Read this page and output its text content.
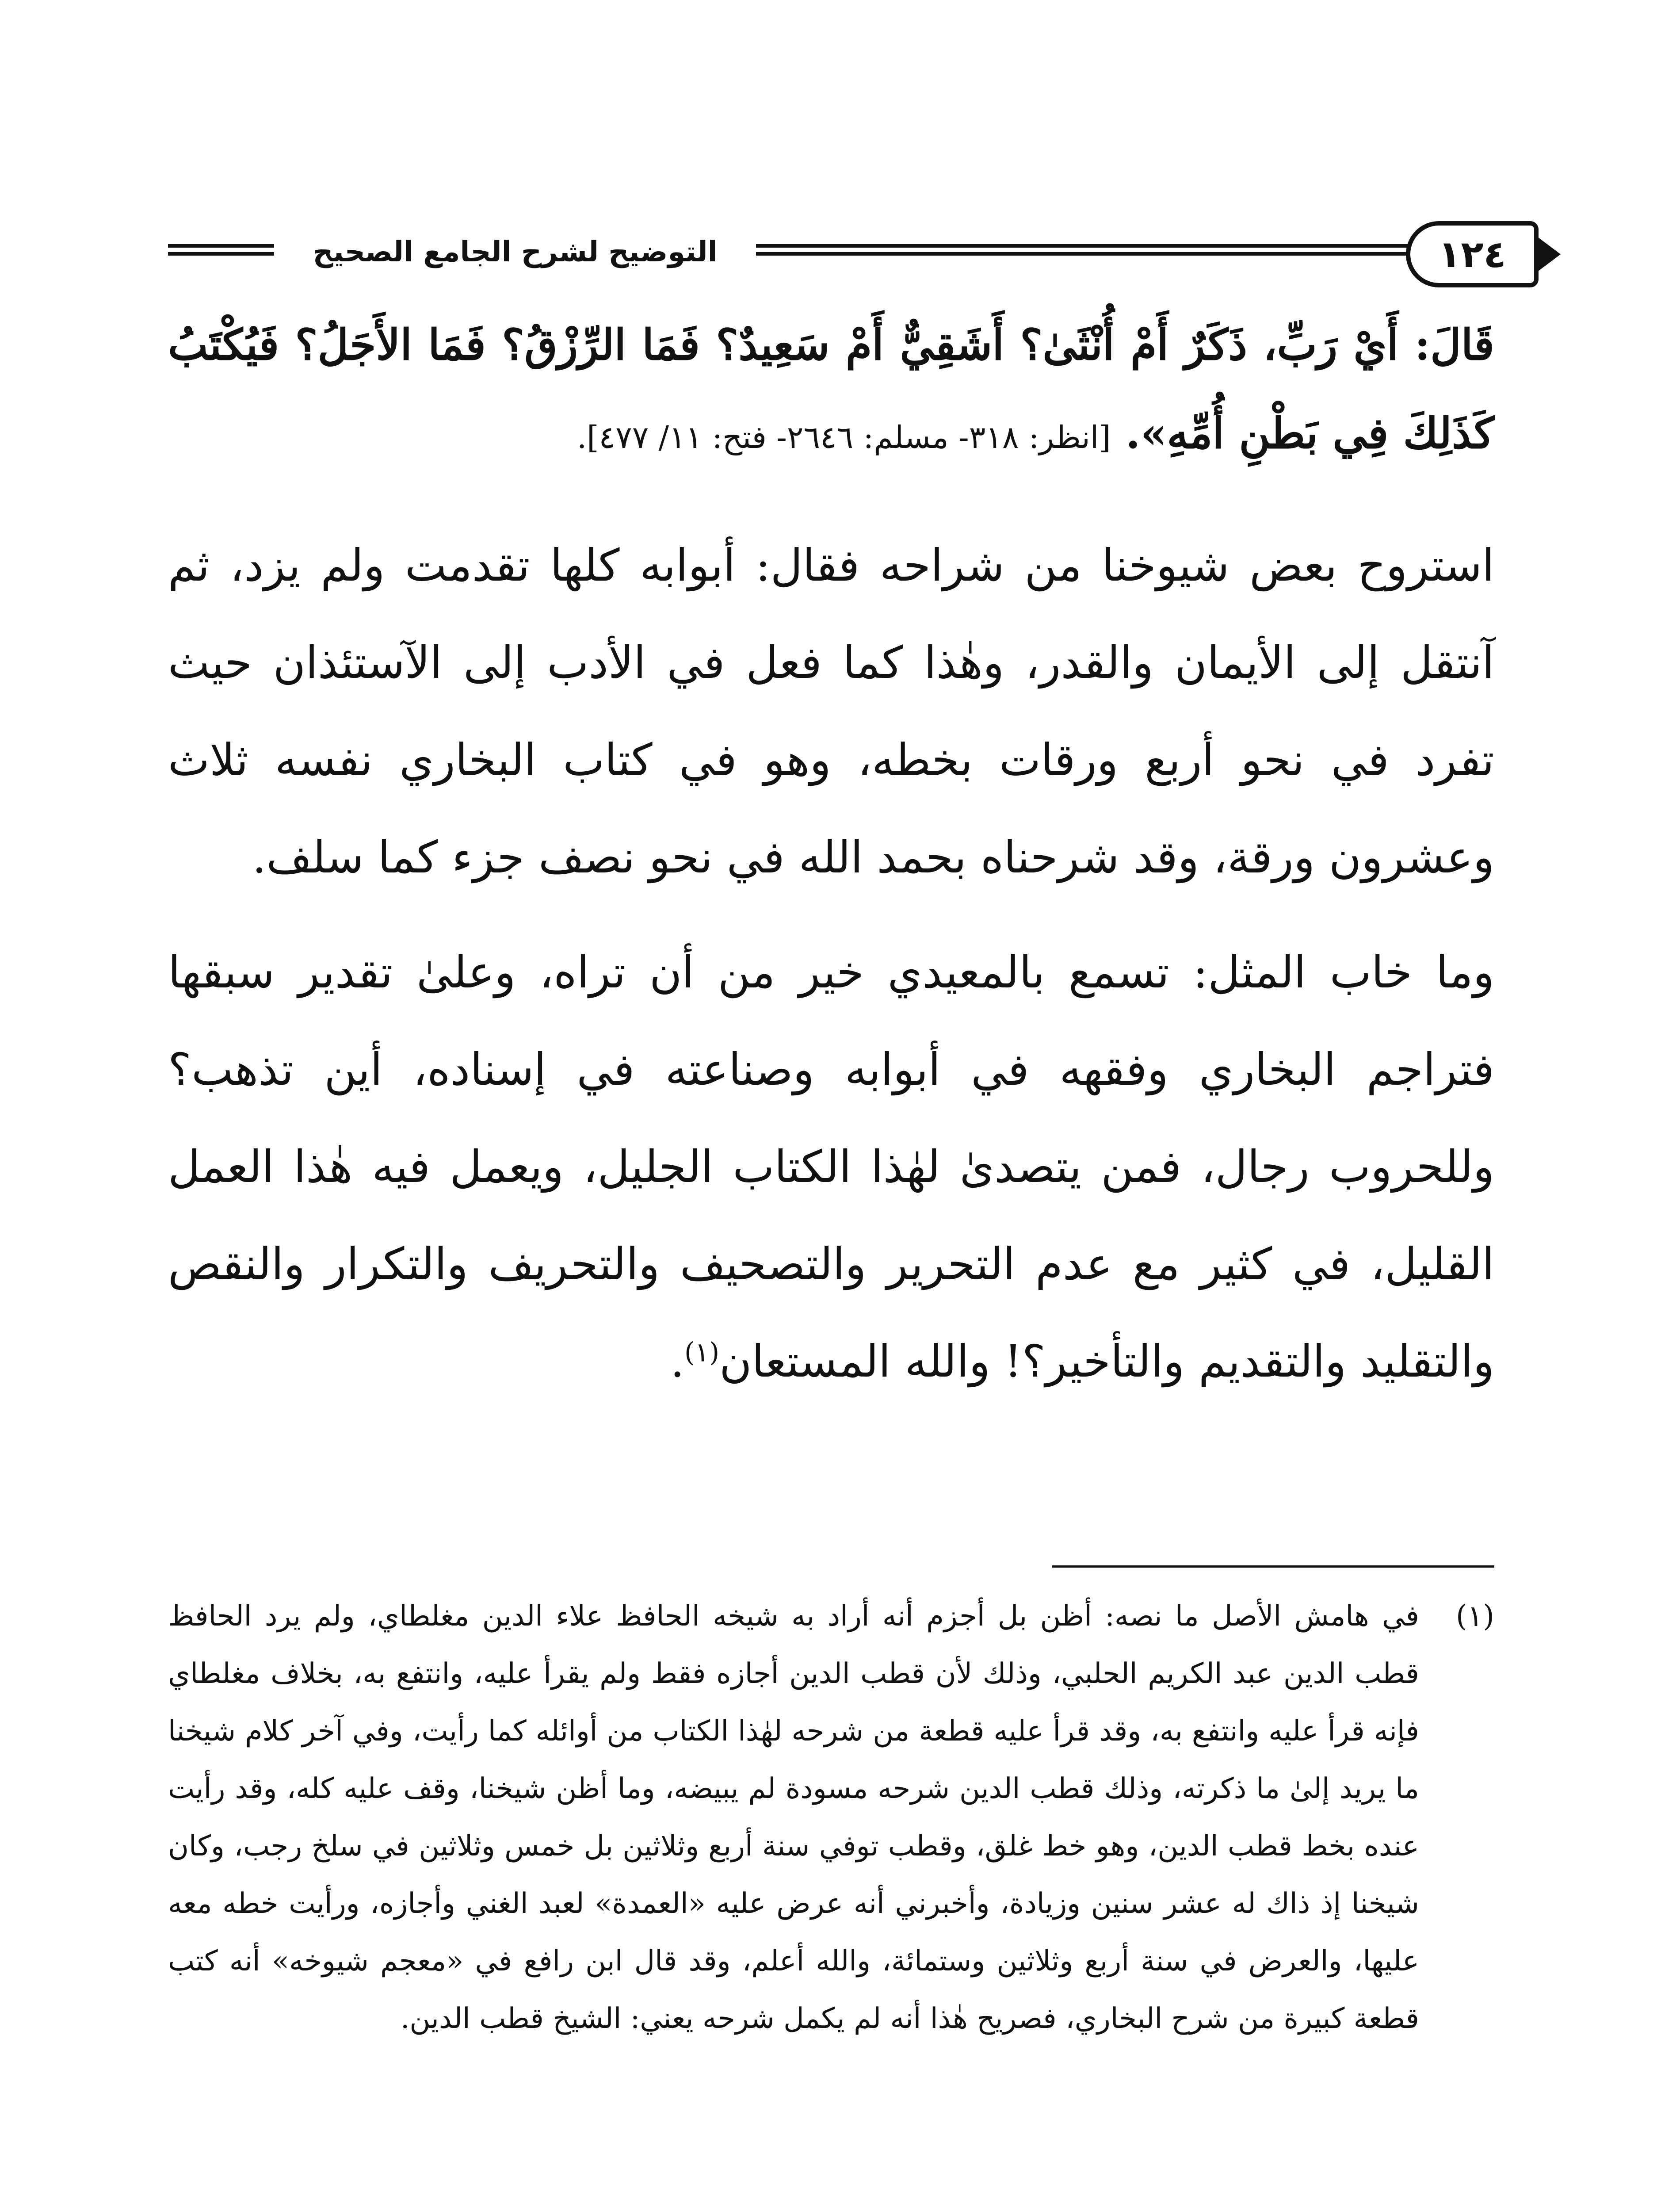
التوضيح لشرح الجامع الصحيح	١٢٤

قَالَ: أَيْ رَبِّ، ذَكَرٌ أَمْ أُنْثَىٰ؟ أَشَقِيٌّ أَمْ سَعِيدٌ؟ فَمَا الرِّزْقُ؟ فَمَا الأَجَلُ؟ فَيُكْتَبُ كَذَلِكَ فِي بَطْنِ أُمِّهِ». [انظر: ٣١٨- مسلم: ٢٦٤٦- فتح: ١١/ ٤٧٧].

استروح بعض شيوخنا من شراحه فقال: أبوابه كلها تقدمت ولم يزد، ثم آنتقل إلى الأيمان والقدر، وهٰذا كما فعل في الأدب إلى الآستئذان حيث تفرد في نحو أربع ورقات بخطه، وهو في كتاب البخاري نفسه ثلاث وعشرون ورقة، وقد شرحناه بحمد الله في نحو نصف جزء كما سلف.

وما خاب المثل: تسمع بالمعيدي خير من أن تراه، وعلىٰ تقدير سبقها فتراجم البخاري وفقهه في أبوابه وصناعته في إسناده، أين تذهب؟ وللحروب رجال، فمن يتصدىٰ لهٰذا الكتاب الجليل، ويعمل فيه هٰذا العمل القليل، في كثير مع عدم التحرير والتصحيف والتحريف والتكرار والنقص والتقليد والتقديم والتأخير؟! والله المستعان$^{(١)}$.

(١)

في هامش الأصل ما نصه: أظن بل أجزم أنه أراد به شيخه الحافظ علاء الدين مغلطاي، ولم يرد الحافظ قطب الدين عبد الكريم الحلبي، وذلك لأن قطب الدين أجازه فقط ولم يقرأ عليه، وانتفع به، بخلاف مغلطاي فإنه قرأ عليه وانتفع به، وقد قرأ عليه قطعة من شرحه لهٰذا الكتاب من أوائله كما رأيت، وفي آخر كلام شيخنا ما يريد إلىٰ ما ذكرته، وذلك قطب الدين شرحه مسودة لم يبيضه، وما أظن شيخنا، وقف عليه كله، وقد رأيت عنده بخط قطب الدين، وهو خط غلق، وقطب توفي سنة أربع وثلاثين بل خمس وثلاثين في سلخ رجب، وكان شيخنا إذ ذاك له عشر سنين وزيادة، وأخبرني أنه عرض عليه «العمدة» لعبد الغني وأجازه، ورأيت خطه معه عليها، والعرض في سنة أربع وثلاثين وستمائة، والله أعلم، وقد قال ابن رافع في «معجم شيوخه» أنه كتب قطعة كبيرة من شرح البخاري، فصريح هٰذا أنه لم يكمل شرحه يعني: الشيخ قطب الدين.
